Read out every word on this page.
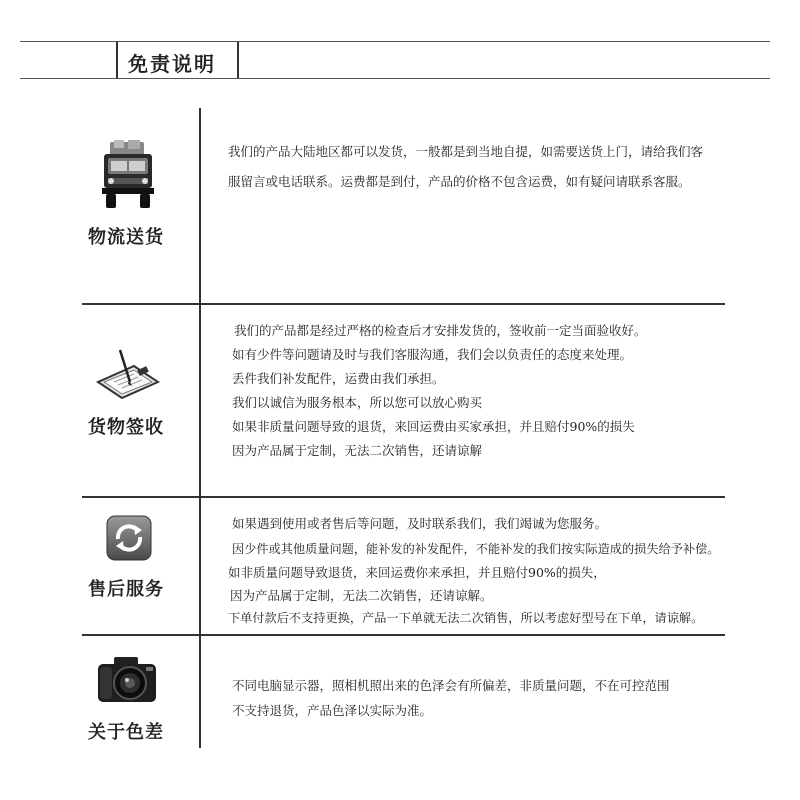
免责说明
物流送货
我们的产品大陆地区都可以发货，一般都是到当地自提，如需要送货上门，请给我们客
服留言或电话联系。运费都是到付，产品的价格不包含运费，如有疑问请联系客服。
货物签收
我们的产品都是经过严格的检查后才安排发货的，签收前一定当面验收好。
如有少件等问题请及时与我们客服沟通，我们会以负责任的态度来处理。
丢件我们补发配件，运费由我们承担。
我们以诚信为服务根本，所以您可以放心购买
如果非质量问题导致的退货，来回运费由买家承担，并且赔付90%的损失
因为产品属于定制，无法二次销售，还请谅解
售后服务
如果遇到使用或者售后等问题，及时联系我们，我们竭诚为您服务。
因少件或其他质量问题，能补发的补发配件，不能补发的我们按实际造成的损失给予补偿。
如非质量问题导致退货，来回运费你来承担，并且赔付90%的损失，
因为产品属于定制，无法二次销售，还请谅解。
下单付款后不支持更换，产品一下单就无法二次销售，所以考虑好型号在下单，请谅解。
关于色差
不同电脑显示器，照相机照出来的色泽会有所偏差，非质量问题，不在可控范围
不支持退货，产品色泽以实际为准。
